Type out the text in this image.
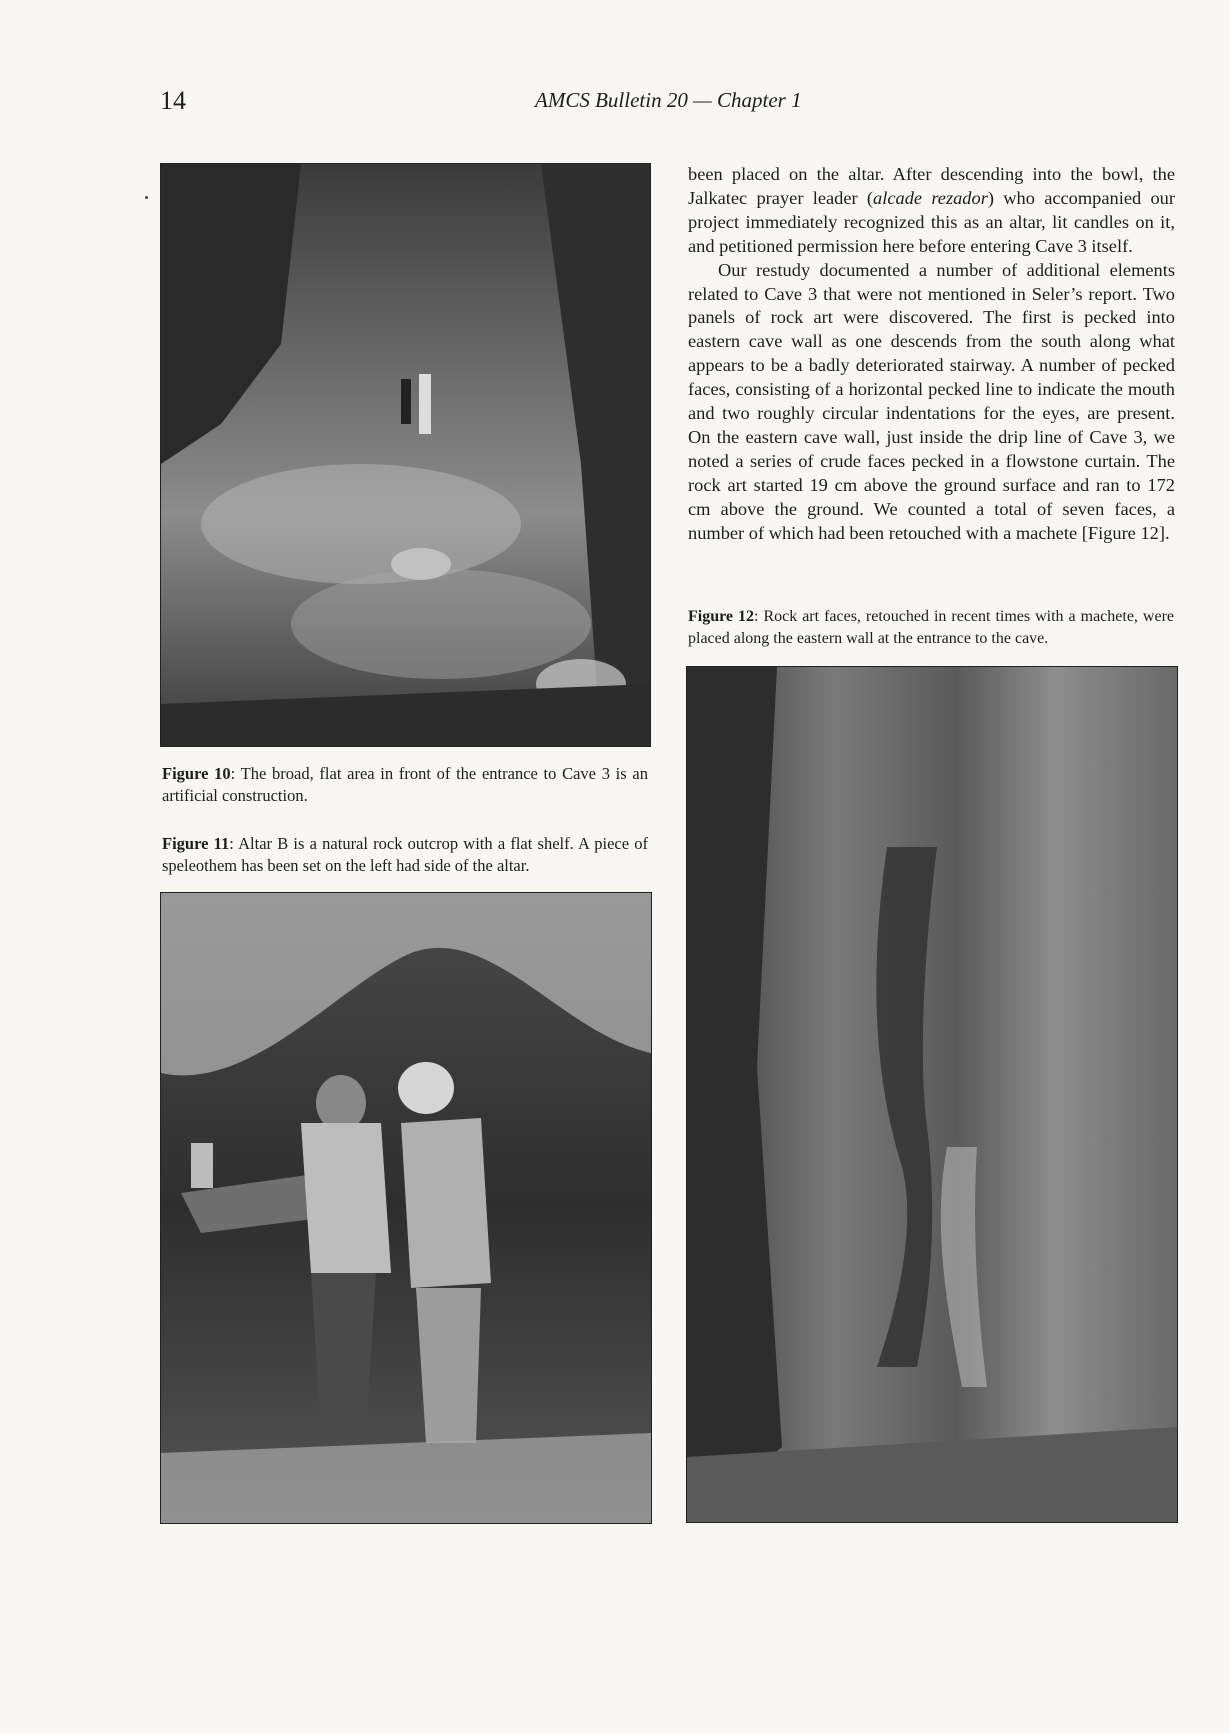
14	AMCS Bulletin 20 — Chapter 1
Figure 10: The broad, flat area in front of the entrance to Cave 3 is an artificial construction.
Figure 11: Altar B is a natural rock outcrop with a flat shelf. A piece of speleothem has been set on the left had side of the altar.

been placed on the altar. After descending into the bowl, the Jalkatec prayer leader (alcade rezador) who accompanied our project immediately recognized this as an altar, lit candles on it, and petitioned permission here before entering Cave 3 itself.

Our restudy documented a number of additional elements related to Cave 3 that were not mentioned in Seler’s report. Two panels of rock art were discovered. The first is pecked into eastern cave wall as one descends from the south along what appears to be a badly deteriorated stairway. A number of pecked faces, consisting of a horizontal pecked line to indicate the mouth and two roughly circular indentations for the eyes, are present. On the eastern cave wall, just inside the drip line of Cave 3, we noted a series of crude faces pecked in a flowstone curtain. The rock art started 19 cm above the ground surface and ran to 172 cm above the ground. We counted a total of seven faces, a number of which had been retouched with a machete [Figure 12].

Figure 12: Rock art faces, retouched in recent times with a machete, were placed along the eastern wall at the entrance to the cave.
